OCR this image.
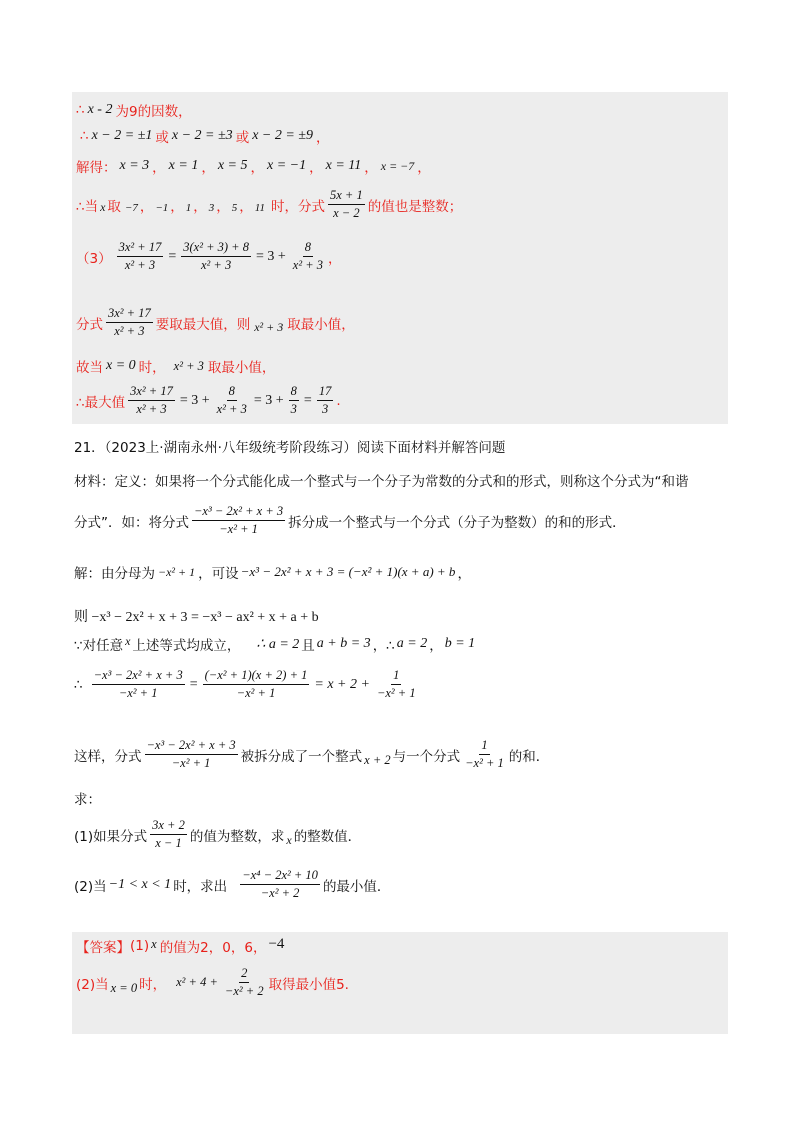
∴ x - 2 为9的因数，
∴ x − 2 = ±1 或 x − 2 = ±3 或 x − 2 = ±9 ，
解得： x = 3 ， x = 1 ， x = 5 ， x = −1 ， x = 11 ， x = −7 ，
∴当 x 取 −7 ， −1 ， 1 ， 3 ， 5 ， 11 时，分式 $\frac{5x + 1}{x - 2}$ 的值也是整数；
$(3) \frac{\text{3x² + 17}}{\text{x² + 3}} = \frac{\text{3(x² + 3) + 8}}{\text{x² + 3}} = 3 + \frac{8}{\text{x² + 3}}$ ，
分式 $\frac{\text{3x² + 17}}{\text{x² + 3}}$ 要取最大值，则 x² + 3 取最小值，
故当 x = 0 时， x² + 3 取最小值，
∴最大值 $\frac{\text{3x² + 17}}{\text{x² + 3}} = 3 + \frac{8}{\text{x² + 3}} = 3 + \frac{8}{3} = \frac{17}{3}$ .
21．（2023上·湖南永州·八年级统考阶段练习）阅读下面材料并解答问题
材料：定义：如果将一个分式能化成一个整式与一个分子为常数的分式和的形式，则称这个分式为“和谐
分式”．如：将分式 $\frac{\text{−x³ − 2x² + x + 3}}{\text{−x² + 1}}$ 拆分成一个整式与一个分式（分子为整数）的和的形式．
解：由分母为 −x² + 1 ，可设 −x³ − 2x² + x + 3 = (−x² + 1)(x + a) + b ，
则 −x³ − 2x² + x + 3 = −x³ − ax² + x + a + b
∵对任意 x 上述等式均成立， ∴ a = 2 且 a + b = 3 ，∴ a = 2 ， b = 1
∴ $\frac{\text{−x³ − 2x² + x + 3}}{\text{−x² + 1}} = \frac{\text{(−x² + 1)(x + 2) + 1}}{\text{−x² + 1}} = x + 2 + \frac{1}{\text{−x² + 1}}$
这样，分式 $\frac{\text{−x³ − 2x² + x + 3}}{\text{−x² + 1}}$ 被拆分成了一个整式 x + 2 与一个分式 $\frac{1}{\text{−x² + 1}}$ 的和．
求：
(1)如果分式 $\frac{3x + 2}{x - 1}$ 的值为整数，求 x 的整数值．
(2)当 −1 < x < 1 时，求出 $\frac{\text{−x⁴ − 2x² + 10}}{\text{−x² + 2}}$ 的最小值．
【答案】 (1) x 的值为2，0，6， −4
(2)当 x = 0 时， $x^2 + 4 + \frac{2}{\text{−x² + 2}}$ 取得最小值5.
